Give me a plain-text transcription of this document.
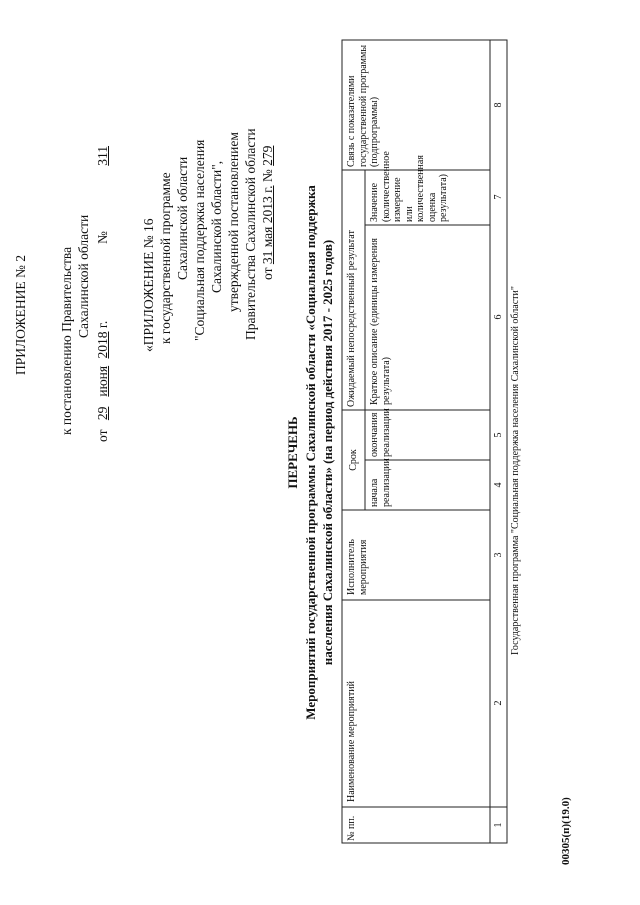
ПРИЛОЖЕНИЕ № 2 к постановлению Правительства Сахалинской области
от 29июня 2018 г.  № 311
«ПРИЛОЖЕНИЕ № 16 к государственной программе Сахалинской области "Социальная поддержка населения Сахалинской области", утвержденной постановлением Правительства Сахалинской области от 31 мая 2013 г. № 279
ПЕРЕЧЕНЬ Мероприятий государственной программы Сахалинской области «Социальная поддержка населения Сахалинской области» (на период действия 2017 - 2025 годов)
№ пп.
Наименование мероприятий
Исполнитель мероприятия
Срок
начала реализации
окончания реализации
Ожидаемый непосредственный результат Краткое описание (единицы измерения результата)
Значение (количественное измерение или количественная оценка результата)
Связь с показателями государственной программы (подпрограммы)
1
2
3
4
5
6
7
8
Государственная программа "Социальная поддержка населения Сахалинской области"
00305(п)(19.0)
